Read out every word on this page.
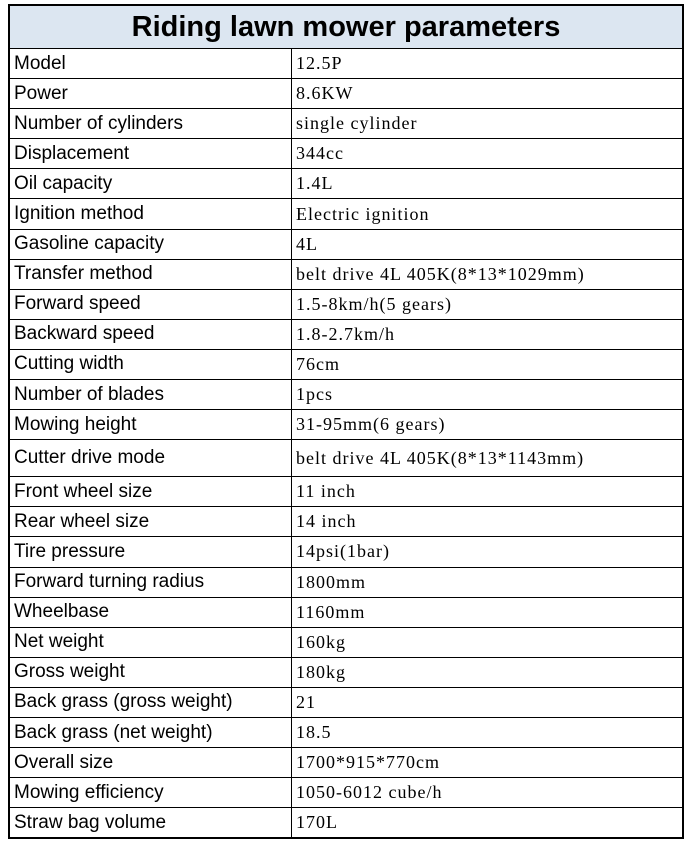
Riding lawn mower parameters
Model	12.5P
Power	8.6KW
Number of cylinders	single cylinder
Displacement	344cc
Oil capacity	1.4L
Ignition method	Electric ignition
Gasoline capacity	4L
Transfer method	belt drive 4L 405K(8*13*1029mm)
Forward speed	1.5-8km/h(5 gears)
Backward speed	1.8-2.7km/h
Cutting width	76cm
Number of blades	1pcs
Mowing height	31-95mm(6 gears)
Cutter drive mode	belt drive 4L 405K(8*13*1143mm)
Front wheel size	11 inch
Rear wheel size	14 inch
Tire pressure	14psi(1bar)
Forward turning radius	1800mm
Wheelbase	1160mm
Net weight	160kg
Gross weight	180kg
Back grass (gross weight)	21
Back grass (net weight)	18.5
Overall size	1700*915*770cm
Mowing efficiency	1050-6012 cube/h
Straw bag volume	170L
